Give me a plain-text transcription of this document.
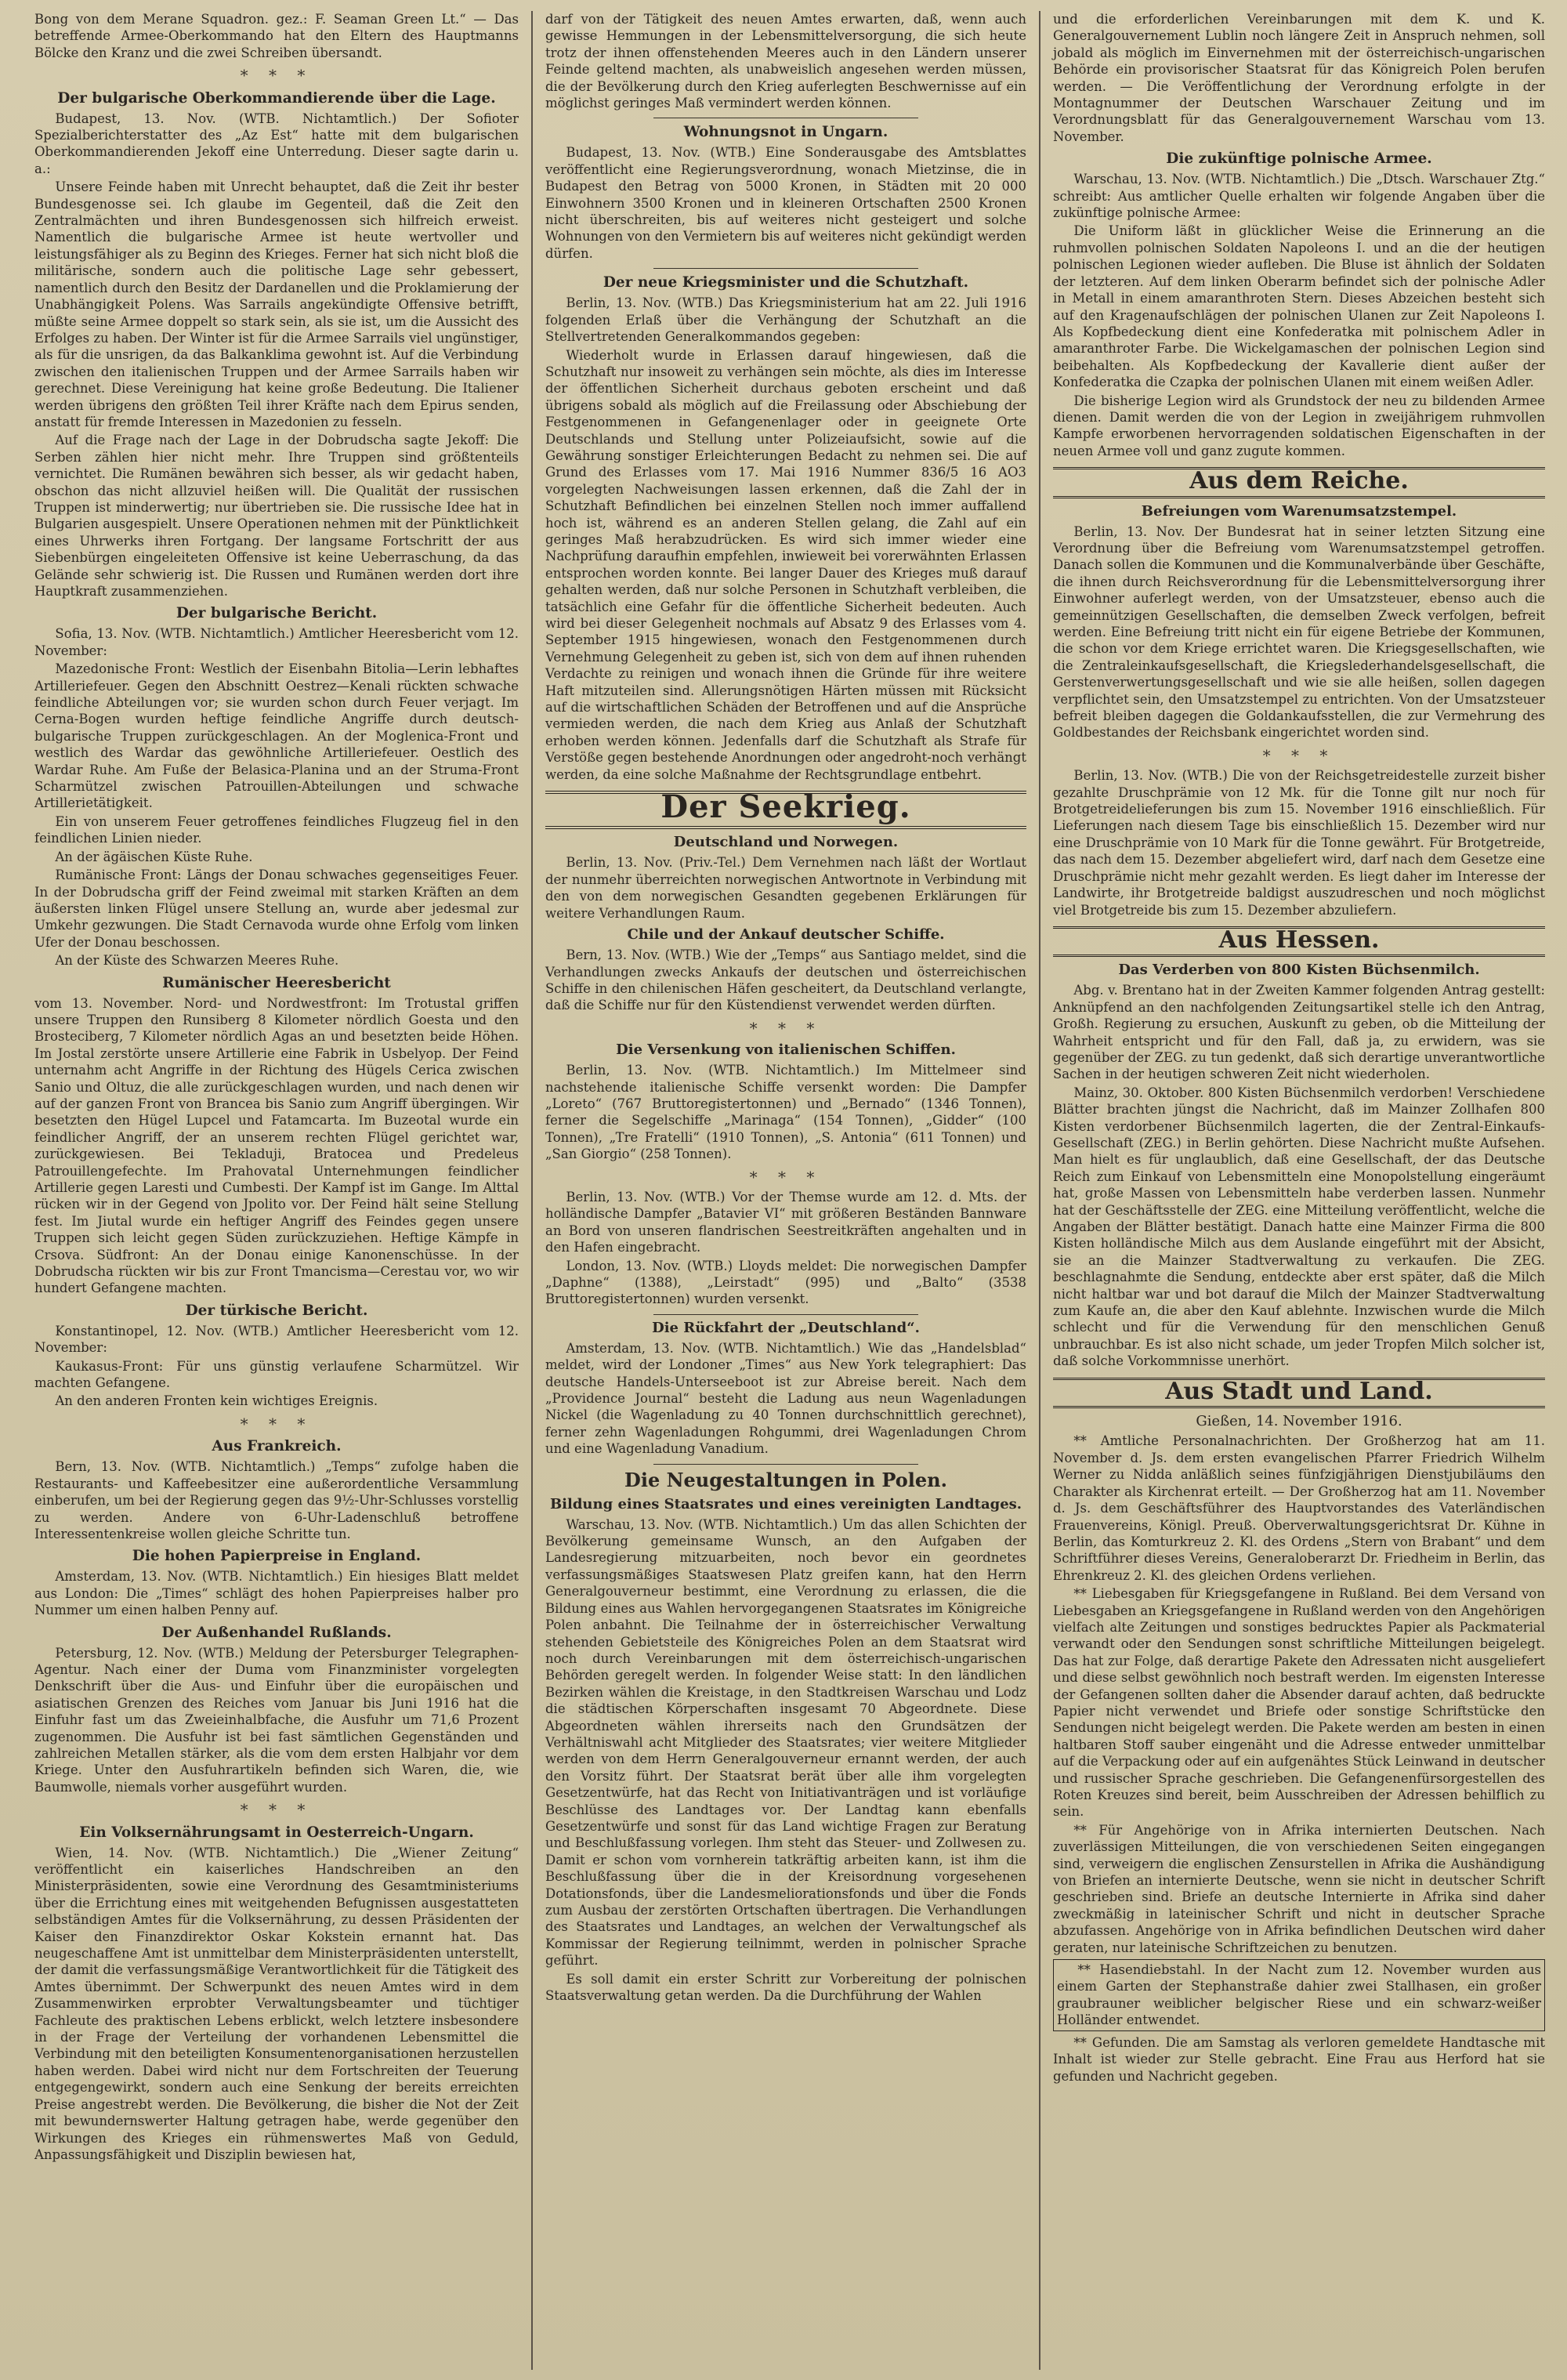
Bong von dem Merane Squadron. gez.: F. Seaman Green Lt.“ — Das betreffende Armee-Oberkommando hat den Eltern des Hauptmanns Bölcke den Kranz und die zwei Schreiben übersandt.

* * *
Der bulgarische Oberkommandierende über die Lage.

Budapest, 13. Nov. (WTB. Nichtamtlich.) Der Sofioter Spezialberichterstatter des „Az Est“ hatte mit dem bulgarischen Oberkommandierenden Jekoff eine Unterredung. Dieser sagte darin u. a.:

Unsere Feinde haben mit Unrecht behauptet, daß die Zeit ihr bester Bundesgenosse sei. Ich glaube im Gegenteil, daß die Zeit den Zentralmächten und ihren Bundesgenossen sich hilfreich erweist. Namentlich die bulgarische Armee ist heute wertvoller und leistungsfähiger als zu Beginn des Krieges. Ferner hat sich nicht bloß die militärische, sondern auch die politische Lage sehr gebessert, namentlich durch den Besitz der Dardanellen und die Proklamierung der Unabhängigkeit Polens. Was Sarrails angekündigte Offensive betrifft, müßte seine Armee doppelt so stark sein, als sie ist, um die Aussicht des Erfolges zu haben. Der Winter ist für die Armee Sarrails viel ungünstiger, als für die unsrigen, da das Balkanklima gewohnt ist. Auf die Verbindung zwischen den italienischen Truppen und der Armee Sarrails haben wir gerechnet. Diese Vereinigung hat keine große Bedeutung. Die Italiener werden übrigens den größten Teil ihrer Kräfte nach dem Epirus senden, anstatt für fremde Interessen in Mazedonien zu fesseln.

Auf die Frage nach der Lage in der Dobrudscha sagte Jekoff: Die Serben zählen hier nicht mehr. Ihre Truppen sind größtenteils vernichtet. Die Rumänen bewähren sich besser, als wir gedacht haben, obschon das nicht allzuviel heißen will. Die Qualität der russischen Truppen ist minderwertig; nur übertrieben sie. Die russische Idee hat in Bulgarien ausgespielt. Unsere Operationen nehmen mit der Pünktlichkeit eines Uhrwerks ihren Fortgang. Der langsame Fortschritt der aus Siebenbürgen eingeleiteten Offensive ist keine Ueberraschung, da das Gelände sehr schwierig ist. Die Russen und Rumänen werden dort ihre Hauptkraft zusammenziehen.

Der bulgarische Bericht.

Sofia, 13. Nov. (WTB. Nichtamtlich.) Amtlicher Heeresbericht vom 12. November:

Mazedonische Front: Westlich der Eisenbahn Bitolia—Lerin lebhaftes Artilleriefeuer. Gegen den Abschnitt Oestrez—Kenali rückten schwache feindliche Abteilungen vor; sie wurden schon durch Feuer verjagt. Im Cerna-Bogen wurden heftige feindliche Angriffe durch deutsch-bulgarische Truppen zurückgeschlagen. An der Moglenica-Front und westlich des Wardar das gewöhnliche Artilleriefeuer. Oestlich des Wardar Ruhe. Am Fuße der Belasica-Planina und an der Struma-Front Scharmützel zwischen Patrouillen-Abteilungen und schwache Artillerietätigkeit.

Ein von unserem Feuer getroffenes feindliches Flugzeug fiel in den feindlichen Linien nieder.

An der ägäischen Küste Ruhe.

Rumänische Front: Längs der Donau schwaches gegenseitiges Feuer. In der Dobrudscha griff der Feind zweimal mit starken Kräften an dem äußersten linken Flügel unsere Stellung an, wurde aber jedesmal zur Umkehr gezwungen. Die Stadt Cernavoda wurde ohne Erfolg vom linken Ufer der Donau beschossen.

An der Küste des Schwarzen Meeres Ruhe.

Rumänischer Heeresbericht

vom 13. November. Nord- und Nordwestfront: Im Trotustal griffen unsere Truppen den Runsiberg 8 Kilometer nördlich Goesta und den Brosteciberg, 7 Kilometer nördlich Agas an und besetzten beide Höhen. Im Jostal zerstörte unsere Artillerie eine Fabrik in Usbelyop. Der Feind unternahm acht Angriffe in der Richtung des Hügels Cerica zwischen Sanio und Oltuz, die alle zurückgeschlagen wurden, und nach denen wir auf der ganzen Front von Brancea bis Sanio zum Angriff übergingen. Wir besetzten den Hügel Lupcel und Fatamcarta. Im Buzeotal wurde ein feindlicher Angriff, der an unserem rechten Flügel gerichtet war, zurückgewiesen. Bei Tekladuji, Bratocea und Predeleus Patrouillengefechte. Im Prahovatal Unternehmungen feindlicher Artillerie gegen Laresti und Cumbesti. Der Kampf ist im Gange. Im Alttal rücken wir in der Gegend von Jpolito vor. Der Feind hält seine Stellung fest. Im Jiutal wurde ein heftiger Angriff des Feindes gegen unsere Truppen sich leicht gegen Süden zurückzuziehen. Heftige Kämpfe in Crsova. Südfront: An der Donau einige Kanonenschüsse. In der Dobrudscha rückten wir bis zur Front Tmancisma—Cerestau vor, wo wir hundert Gefangene machten.

Der türkische Bericht.

Konstantinopel, 12. Nov. (WTB.) Amtlicher Heeresbericht vom 12. November:

Kaukasus-Front: Für uns günstig verlaufene Scharmützel. Wir machten Gefangene.

An den anderen Fronten kein wichtiges Ereignis.

* * *
Aus Frankreich.

Bern, 13. Nov. (WTB. Nichtamtlich.) „Temps“ zufolge haben die Restaurants- und Kaffeebesitzer eine außerordentliche Versammlung einberufen, um bei der Regierung gegen das 9½-Uhr-Schlusses vorstellig zu werden. Andere von 6-Uhr-Ladenschluß betroffene Interessentenkreise wollen gleiche Schritte tun.

Die hohen Papierpreise in England.

Amsterdam, 13. Nov. (WTB. Nichtamtlich.) Ein hiesiges Blatt meldet aus London: Die „Times“ schlägt des hohen Papierpreises halber pro Nummer um einen halben Penny auf.

Der Außenhandel Rußlands.

Petersburg, 12. Nov. (WTB.) Meldung der Petersburger Telegraphen-Agentur. Nach einer der Duma vom Finanzminister vorgelegten Denkschrift über die Aus- und Einfuhr über die europäischen und asiatischen Grenzen des Reiches vom Januar bis Juni 1916 hat die Einfuhr fast um das Zweieinhalbfache, die Ausfuhr um 71,6 Prozent zugenommen. Die Ausfuhr ist bei fast sämtlichen Gegenständen und zahlreichen Metallen stärker, als die vom dem ersten Halbjahr vor dem Kriege. Unter den Ausfuhrartikeln befinden sich Waren, die, wie Baumwolle, niemals vorher ausgeführt wurden.

* * *
Ein Volksernährungsamt in Oesterreich-Ungarn.

Wien, 14. Nov. (WTB. Nichtamtlich.) Die „Wiener Zeitung“ veröffentlicht ein kaiserliches Handschreiben an den Ministerpräsidenten, sowie eine Verordnung des Gesamtministeriums über die Errichtung eines mit weitgehenden Befugnissen ausgestatteten selbständigen Amtes für die Volksernährung, zu dessen Präsidenten der Kaiser den Finanzdirektor Oskar Kokstein ernannt hat. Das neugeschaffene Amt ist unmittelbar dem Ministerpräsidenten unterstellt, der damit die verfassungsmäßige Verantwortlichkeit für die Tätigkeit des Amtes übernimmt. Der Schwerpunkt des neuen Amtes wird in dem Zusammenwirken erprobter Verwaltungsbeamter und tüchtiger Fachleute des praktischen Lebens erblickt, welch letztere insbesondere in der Frage der Verteilung der vorhandenen Lebensmittel die Verbindung mit den beteiligten Konsumentenorganisationen herzustellen haben werden. Dabei wird nicht nur dem Fortschreiten der Teuerung entgegengewirkt, sondern auch eine Senkung der bereits erreichten Preise angestrebt werden. Die Bevölkerung, die bisher die Not der Zeit mit bewundernswerter Haltung getragen habe, werde gegenüber den Wirkungen des Krieges ein rühmenswertes Maß von Geduld, Anpassungsfähigkeit und Disziplin bewiesen hat,

darf von der Tätigkeit des neuen Amtes erwarten, daß, wenn auch gewisse Hemmungen in der Lebensmittelversorgung, die sich heute trotz der ihnen offenstehenden Meeres auch in den Ländern unserer Feinde geltend machten, als unabweislich angesehen werden müssen, die der Bevölkerung durch den Krieg auferlegten Beschwernisse auf ein möglichst geringes Maß vermindert werden können.

Wohnungsnot in Ungarn.

Budapest, 13. Nov. (WTB.) Eine Sonderausgabe des Amtsblattes veröffentlicht eine Regierungsverordnung, wonach Mietzinse, die in Budapest den Betrag von 5000 Kronen, in Städten mit 20 000 Einwohnern 3500 Kronen und in kleineren Ortschaften 2500 Kronen nicht überschreiten, bis auf weiteres nicht gesteigert und solche Wohnungen von den Vermietern bis auf weiteres nicht gekündigt werden dürfen.

Der neue Kriegsminister und die Schutzhaft.

Berlin, 13. Nov. (WTB.) Das Kriegsministerium hat am 22. Juli 1916 folgenden Erlaß über die Verhängung der Schutzhaft an die Stellvertretenden Generalkommandos gegeben:

Wiederholt wurde in Erlassen darauf hingewiesen, daß die Schutzhaft nur insoweit zu verhängen sein möchte, als dies im Interesse der öffentlichen Sicherheit durchaus geboten erscheint und daß übrigens sobald als möglich auf die Freilassung oder Abschiebung der Festgenommenen in Gefangenenlager oder in geeignete Orte Deutschlands und Stellung unter Polizeiaufsicht, sowie auf die Gewährung sonstiger Erleichterungen Bedacht zu nehmen sei. Die auf Grund des Erlasses vom 17. Mai 1916 Nummer 836/5 16 AO3 vorgelegten Nachweisungen lassen erkennen, daß die Zahl der in Schutzhaft Befindlichen bei einzelnen Stellen noch immer auffallend hoch ist, während es an anderen Stellen gelang, die Zahl auf ein geringes Maß herabzudrücken. Es wird sich immer wieder eine Nachprüfung daraufhin empfehlen, inwieweit bei vorerwähnten Erlassen entsprochen worden konnte. Bei langer Dauer des Krieges muß darauf gehalten werden, daß nur solche Personen in Schutzhaft verbleiben, die tatsächlich eine Gefahr für die öffentliche Sicherheit bedeuten. Auch wird bei dieser Gelegenheit nochmals auf Absatz 9 des Erlasses vom 4. September 1915 hingewiesen, wonach den Festgenommenen durch Vernehmung Gelegenheit zu geben ist, sich von dem auf ihnen ruhenden Verdachte zu reinigen und wonach ihnen die Gründe für ihre weitere Haft mitzuteilen sind. Allerungsnötigen Härten müssen mit Rücksicht auf die wirtschaftlichen Schäden der Betroffenen und auf die Ansprüche vermieden werden, die nach dem Krieg aus Anlaß der Schutzhaft erhoben werden können. Jedenfalls darf die Schutzhaft als Strafe für Verstöße gegen bestehende Anordnungen oder angedroht-noch verhängt werden, da eine solche Maßnahme der Rechtsgrundlage entbehrt.

Der Seekrieg.
Deutschland und Norwegen.

Berlin, 13. Nov. (Priv.-Tel.) Dem Vernehmen nach läßt der Wortlaut der nunmehr überreichten norwegischen Antwortnote in Verbindung mit den von dem norwegischen Gesandten gegebenen Erklärungen für weitere Verhandlungen Raum.

Chile und der Ankauf deutscher Schiffe.

Bern, 13. Nov. (WTB.) Wie der „Temps“ aus Santiago meldet, sind die Verhandlungen zwecks Ankaufs der deutschen und österreichischen Schiffe in den chilenischen Häfen gescheitert, da Deutschland verlangte, daß die Schiffe nur für den Küstendienst verwendet werden dürften.

* * *
Die Versenkung von italienischen Schiffen.

Berlin, 13. Nov. (WTB. Nichtamtlich.) Im Mittelmeer sind nachstehende italienische Schiffe versenkt worden: Die Dampfer „Loreto“ (767 Bruttoregistertonnen) und „Bernado“ (1346 Tonnen), ferner die Segelschiffe „Marinaga“ (154 Tonnen), „Gidder“ (100 Tonnen), „Tre Fratelli“ (1910 Tonnen), „S. Antonia“ (611 Tonnen) und „San Giorgio“ (258 Tonnen).

* * *

Berlin, 13. Nov. (WTB.) Vor der Themse wurde am 12. d. Mts. der holländische Dampfer „Batavier VI“ mit größeren Beständen Bannware an Bord von unseren flandrischen Seestreitkräften angehalten und in den Hafen eingebracht.

London, 13. Nov. (WTB.) Lloyds meldet: Die norwegischen Dampfer „Daphne“ (1388), „Leirstadt“ (995) und „Balto“ (3538 Bruttoregistertonnen) wurden versenkt.

Die Rückfahrt der „Deutschland“.

Amsterdam, 13. Nov. (WTB. Nichtamtlich.) Wie das „Handelsblad“ meldet, wird der Londoner „Times“ aus New York telegraphiert: Das deutsche Handels-Unterseeboot ist zur Abreise bereit. Nach dem „Providence Journal“ besteht die Ladung aus neun Wagenladungen Nickel (die Wagenladung zu 40 Tonnen durchschnittlich gerechnet), ferner zehn Wagenladungen Rohgummi, drei Wagenladungen Chrom und eine Wagenladung Vanadium.

Die Neugestaltungen in Polen.
Bildung eines Staatsrates und eines vereinigten Landtages.

Warschau, 13. Nov. (WTB. Nichtamtlich.) Um das allen Schichten der Bevölkerung gemeinsame Wunsch, an den Aufgaben der Landesregierung mitzuarbeiten, noch bevor ein geordnetes verfassungsmäßiges Staatswesen Platz greifen kann, hat den Herrn Generalgouverneur bestimmt, eine Verordnung zu erlassen, die die Bildung eines aus Wahlen hervorgegangenen Staatsrates im Königreiche Polen anbahnt. Die Teilnahme der in österreichischer Verwaltung stehenden Gebietsteile des Königreiches Polen an dem Staatsrat wird noch durch Vereinbarungen mit dem österreichisch-ungarischen Behörden geregelt werden. In folgender Weise statt: In den ländlichen Bezirken wählen die Kreistage, in den Stadtkreisen Warschau und Lodz die städtischen Körperschaften insgesamt 70 Abgeordnete. Diese Abgeordneten wählen ihrerseits nach den Grundsätzen der Verhältniswahl acht Mitglieder des Staatsrates; vier weitere Mitglieder werden von dem Herrn Generalgouverneur ernannt werden, der auch den Vorsitz führt. Der Staatsrat berät über alle ihm vorgelegten Gesetzentwürfe, hat das Recht von Initiativanträgen und ist vorläufige Beschlüsse des Landtages vor. Der Landtag kann ebenfalls Gesetzentwürfe und sonst für das Land wichtige Fragen zur Beratung und Beschlußfassung vorlegen. Ihm steht das Steuer- und Zollwesen zu. Damit er schon vom vornherein tatkräftig arbeiten kann, ist ihm die Beschlußfassung über die in der Kreisordnung vorgesehenen Dotationsfonds, über die Landesmeliorationsfonds und über die Fonds zum Ausbau der zerstörten Ortschaften übertragen. Die Verhandlungen des Staatsrates und Landtages, an welchen der Verwaltungschef als Kommissar der Regierung teilnimmt, werden in polnischer Sprache geführt.

Es soll damit ein erster Schritt zur Vorbereitung der polnischen Staatsverwaltung getan werden. Da die Durchführung der Wahlen

und die erforderlichen Vereinbarungen mit dem K. und K. Generalgouvernement Lublin noch längere Zeit in Anspruch nehmen, soll jobald als möglich im Einvernehmen mit der österreichisch-ungarischen Behörde ein provisorischer Staatsrat für das Königreich Polen berufen werden. — Die Veröffentlichung der Verordnung erfolgte in der Montagnummer der Deutschen Warschauer Zeitung und im Verordnungsblatt für das Generalgouvernement Warschau vom 13. November.

Die zukünftige polnische Armee.

Warschau, 13. Nov. (WTB. Nichtamtlich.) Die „Dtsch. Warschauer Ztg.“ schreibt: Aus amtlicher Quelle erhalten wir folgende Angaben über die zukünftige polnische Armee:

Die Uniform läßt in glücklicher Weise die Erinnerung an die ruhmvollen polnischen Soldaten Napoleons I. und an die der heutigen polnischen Legionen wieder aufleben. Die Bluse ist ähnlich der Soldaten der letzteren. Auf dem linken Oberarm befindet sich der polnische Adler in Metall in einem amaranthroten Stern. Dieses Abzeichen besteht sich auf den Kragenaufschlägen der polnischen Ulanen zur Zeit Napoleons I. Als Kopfbedeckung dient eine Konfederatka mit polnischem Adler in amaranthroter Farbe. Die Wickelgamaschen der polnischen Legion sind beibehalten. Als Kopfbedeckung der Kavallerie dient außer der Konfederatka die Czapka der polnischen Ulanen mit einem weißen Adler.

Die bisherige Legion wird als Grundstock der neu zu bildenden Armee dienen. Damit werden die von der Legion in zweijährigem ruhmvollen Kampfe erworbenen hervorragenden soldatischen Eigenschaften in der neuen Armee voll und ganz zugute kommen.

Aus dem Reiche.
Befreiungen vom Warenumsatzstempel.

Berlin, 13. Nov. Der Bundesrat hat in seiner letzten Sitzung eine Verordnung über die Befreiung vom Warenumsatzstempel getroffen. Danach sollen die Kommunen und die Kommunalverbände über Geschäfte, die ihnen durch Reichsverordnung für die Lebensmittelversorgung ihrer Einwohner auferlegt werden, von der Umsatzsteuer, ebenso auch die gemeinnützigen Gesellschaften, die demselben Zweck verfolgen, befreit werden. Eine Befreiung tritt nicht ein für eigene Betriebe der Kommunen, die schon vor dem Kriege errichtet waren. Die Kriegsgesellschaften, wie die Zentraleinkaufsgesellschaft, die Kriegslederhandelsgesellschaft, die Gerstenverwertungsgesellschaft und wie sie alle heißen, sollen dagegen verpflichtet sein, den Umsatzstempel zu entrichten. Von der Umsatzsteuer befreit bleiben dagegen die Goldankaufsstellen, die zur Vermehrung des Goldbestandes der Reichsbank eingerichtet worden sind.

* * *

Berlin, 13. Nov. (WTB.) Die von der Reichsgetreidestelle zurzeit bisher gezahlte Druschprämie von 12 Mk. für die Tonne gilt nur noch für Brotgetreidelieferungen bis zum 15. November 1916 einschließlich. Für Lieferungen nach diesem Tage bis einschließlich 15. Dezember wird nur eine Druschprämie von 10 Mark für die Tonne gewährt. Für Brotgetreide, das nach dem 15. Dezember abgeliefert wird, darf nach dem Gesetze eine Druschprämie nicht mehr gezahlt werden. Es liegt daher im Interesse der Landwirte, ihr Brotgetreide baldigst auszudreschen und noch möglichst viel Brotgetreide bis zum 15. Dezember abzuliefern.

Aus Hessen.
Das Verderben von 800 Kisten Büchsenmilch.

Abg. v. Brentano hat in der Zweiten Kammer folgenden Antrag gestellt: Anknüpfend an den nachfolgenden Zeitungsartikel stelle ich den Antrag, Großh. Regierung zu ersuchen, Auskunft zu geben, ob die Mitteilung der Wahrheit entspricht und für den Fall, daß ja, zu erwidern, was sie gegenüber der ZEG. zu tun gedenkt, daß sich derartige unverantwortliche Sachen in der heutigen schweren Zeit nicht wiederholen.

Mainz, 30. Oktober. 800 Kisten Büchsenmilch verdorben! Verschiedene Blätter brachten jüngst die Nachricht, daß im Mainzer Zollhafen 800 Kisten verdorbener Büchsenmilch lagerten, die der Zentral-Einkaufs-Gesellschaft (ZEG.) in Berlin gehörten. Diese Nachricht mußte Aufsehen. Man hielt es für unglaublich, daß eine Gesellschaft, der das Deutsche Reich zum Einkauf von Lebensmitteln eine Monopolstellung eingeräumt hat, große Massen von Lebensmitteln habe verderben lassen. Nunmehr hat der Geschäftsstelle der ZEG. eine Mitteilung veröffentlicht, welche die Angaben der Blätter bestätigt. Danach hatte eine Mainzer Firma die 800 Kisten holländische Milch aus dem Auslande eingeführt mit der Absicht, sie an die Mainzer Stadtverwaltung zu verkaufen. Die ZEG. beschlagnahmte die Sendung, entdeckte aber erst später, daß die Milch nicht haltbar war und bot darauf die Milch der Mainzer Stadtverwaltung zum Kaufe an, die aber den Kauf ablehnte. Inzwischen wurde die Milch schlecht und für die Verwendung für den menschlichen Genuß unbrauchbar. Es ist also nicht schade, um jeder Tropfen Milch solcher ist, daß solche Vorkommnisse unerhört.

Aus Stadt und Land.
Gießen, 14. November 1916.

** Amtliche Personalnachrichten. Der Großherzog hat am 11. November d. Js. dem ersten evangelischen Pfarrer Friedrich Wilhelm Werner zu Nidda anläßlich seines fünfzigjährigen Dienstjubiläums den Charakter als Kirchenrat erteilt. — Der Großherzog hat am 11. November d. Js. dem Geschäftsführer des Hauptvorstandes des Vaterländischen Frauenvereins, Königl. Preuß. Oberverwaltungsgerichtsrat Dr. Kühne in Berlin, das Komturkreuz 2. Kl. des Ordens „Stern von Brabant“ und dem Schriftführer dieses Vereins, Generaloberarzt Dr. Friedheim in Berlin, das Ehrenkreuz 2. Kl. des gleichen Ordens verliehen.

** Liebesgaben für Kriegsgefangene in Rußland. Bei dem Versand von Liebesgaben an Kriegsgefangene in Rußland werden von den Angehörigen vielfach alte Zeitungen und sonstiges bedrucktes Papier als Packmaterial verwandt oder den Sendungen sonst schriftliche Mitteilungen beigelegt. Das hat zur Folge, daß derartige Pakete den Adressaten nicht ausgeliefert und diese selbst gewöhnlich noch bestraft werden. Im eigensten Interesse der Gefangenen sollten daher die Absender darauf achten, daß bedruckte Papier nicht verwendet und Briefe oder sonstige Schriftstücke den Sendungen nicht beigelegt werden. Die Pakete werden am besten in einen haltbaren Stoff sauber eingenäht und die Adresse entweder unmittelbar auf die Verpackung oder auf ein aufgenähtes Stück Leinwand in deutscher und russischer Sprache geschrieben. Die Gefangenenfürsorgestellen des Roten Kreuzes sind bereit, beim Ausschreiben der Adressen behilflich zu sein.

** Für Angehörige von in Afrika internierten Deutschen. Nach zuverlässigen Mitteilungen, die von verschiedenen Seiten eingegangen sind, verweigern die englischen Zensurstellen in Afrika die Aushändigung von Briefen an internierte Deutsche, wenn sie nicht in deutscher Schrift geschrieben sind. Briefe an deutsche Internierte in Afrika sind daher zweckmäßig in lateinischer Schrift und nicht in deutscher Sprache abzufassen. Angehörige von in Afrika befindlichen Deutschen wird daher geraten, nur lateinische Schriftzeichen zu benutzen.

** Hasendiebstahl. In der Nacht zum 12. November wurden aus einem Garten der Stephanstraße dahier zwei Stallhasen, ein großer graubrauner weiblicher belgischer Riese und ein schwarz-weißer Holländer entwendet.

** Gefunden. Die am Samstag als verloren gemeldete Handtasche mit Inhalt ist wieder zur Stelle gebracht. Eine Frau aus Herford hat sie gefunden und Nachricht gegeben.
